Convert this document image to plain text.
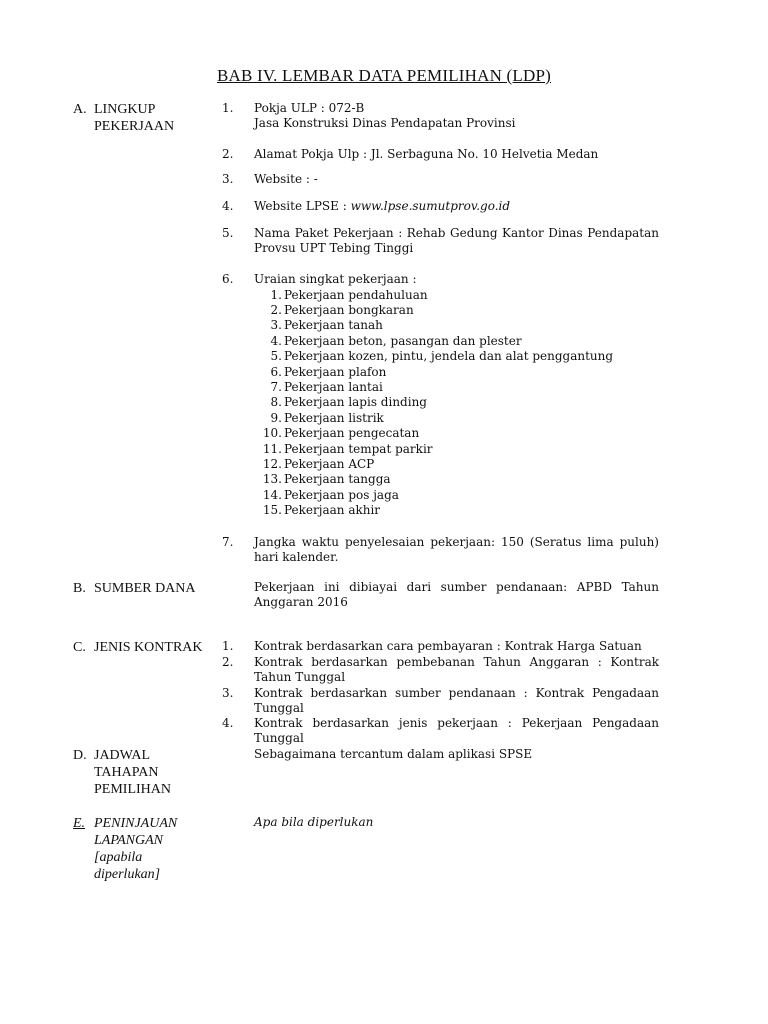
BAB IV. LEMBAR DATA PEMILIHAN (LDP)
A. LINGKUP PEKERJAAN
1. Pokja ULP : 072-B
Jasa Konstruksi Dinas Pendapatan Provinsi
2. Alamat Pokja Ulp : Jl. Serbaguna No. 10 Helvetia Medan
3. Website : -
4. Website LPSE : www.lpse.sumutprov.go.id
5. Nama Paket Pekerjaan : Rehab Gedung Kantor Dinas Pendapatan Provsu UPT Tebing Tinggi
6. Uraian singkat pekerjaan :
1. Pekerjaan pendahuluan
2. Pekerjaan bongkaran
3. Pekerjaan tanah
4. Pekerjaan beton, pasangan dan plester
5. Pekerjaan kozen, pintu, jendela dan alat penggantung
6. Pekerjaan plafon
7. Pekerjaan lantai
8. Pekerjaan lapis dinding
9. Pekerjaan listrik
10. Pekerjaan pengecatan
11. Pekerjaan tempat parkir
12. Pekerjaan ACP
13. Pekerjaan tangga
14. Pekerjaan pos jaga
15. Pekerjaan akhir
7. Jangka waktu penyelesaian pekerjaan: 150 (Seratus lima puluh) hari kalender.
B. SUMBER DANA	Pekerjaan ini dibiayai dari sumber pendanaan: APBD Tahun Anggaran 2016
C. JENIS KONTRAK	1. Kontrak berdasarkan cara pembayaran : Kontrak Harga Satuan
2. Kontrak berdasarkan pembebanan Tahun Anggaran : Kontrak Tahun Tunggal
3. Kontrak berdasarkan sumber pendanaan : Kontrak Pengadaan Tunggal
4. Kontrak berdasarkan jenis pekerjaan : Pekerjaan Pengadaan Tunggal
D. JADWAL TAHAPAN PEMILIHAN
Sebagaimana tercantum dalam aplikasi SPSE
E. PENINJAUAN LAPANGAN [apabila diperlukan]
Apa bila diperlukan
